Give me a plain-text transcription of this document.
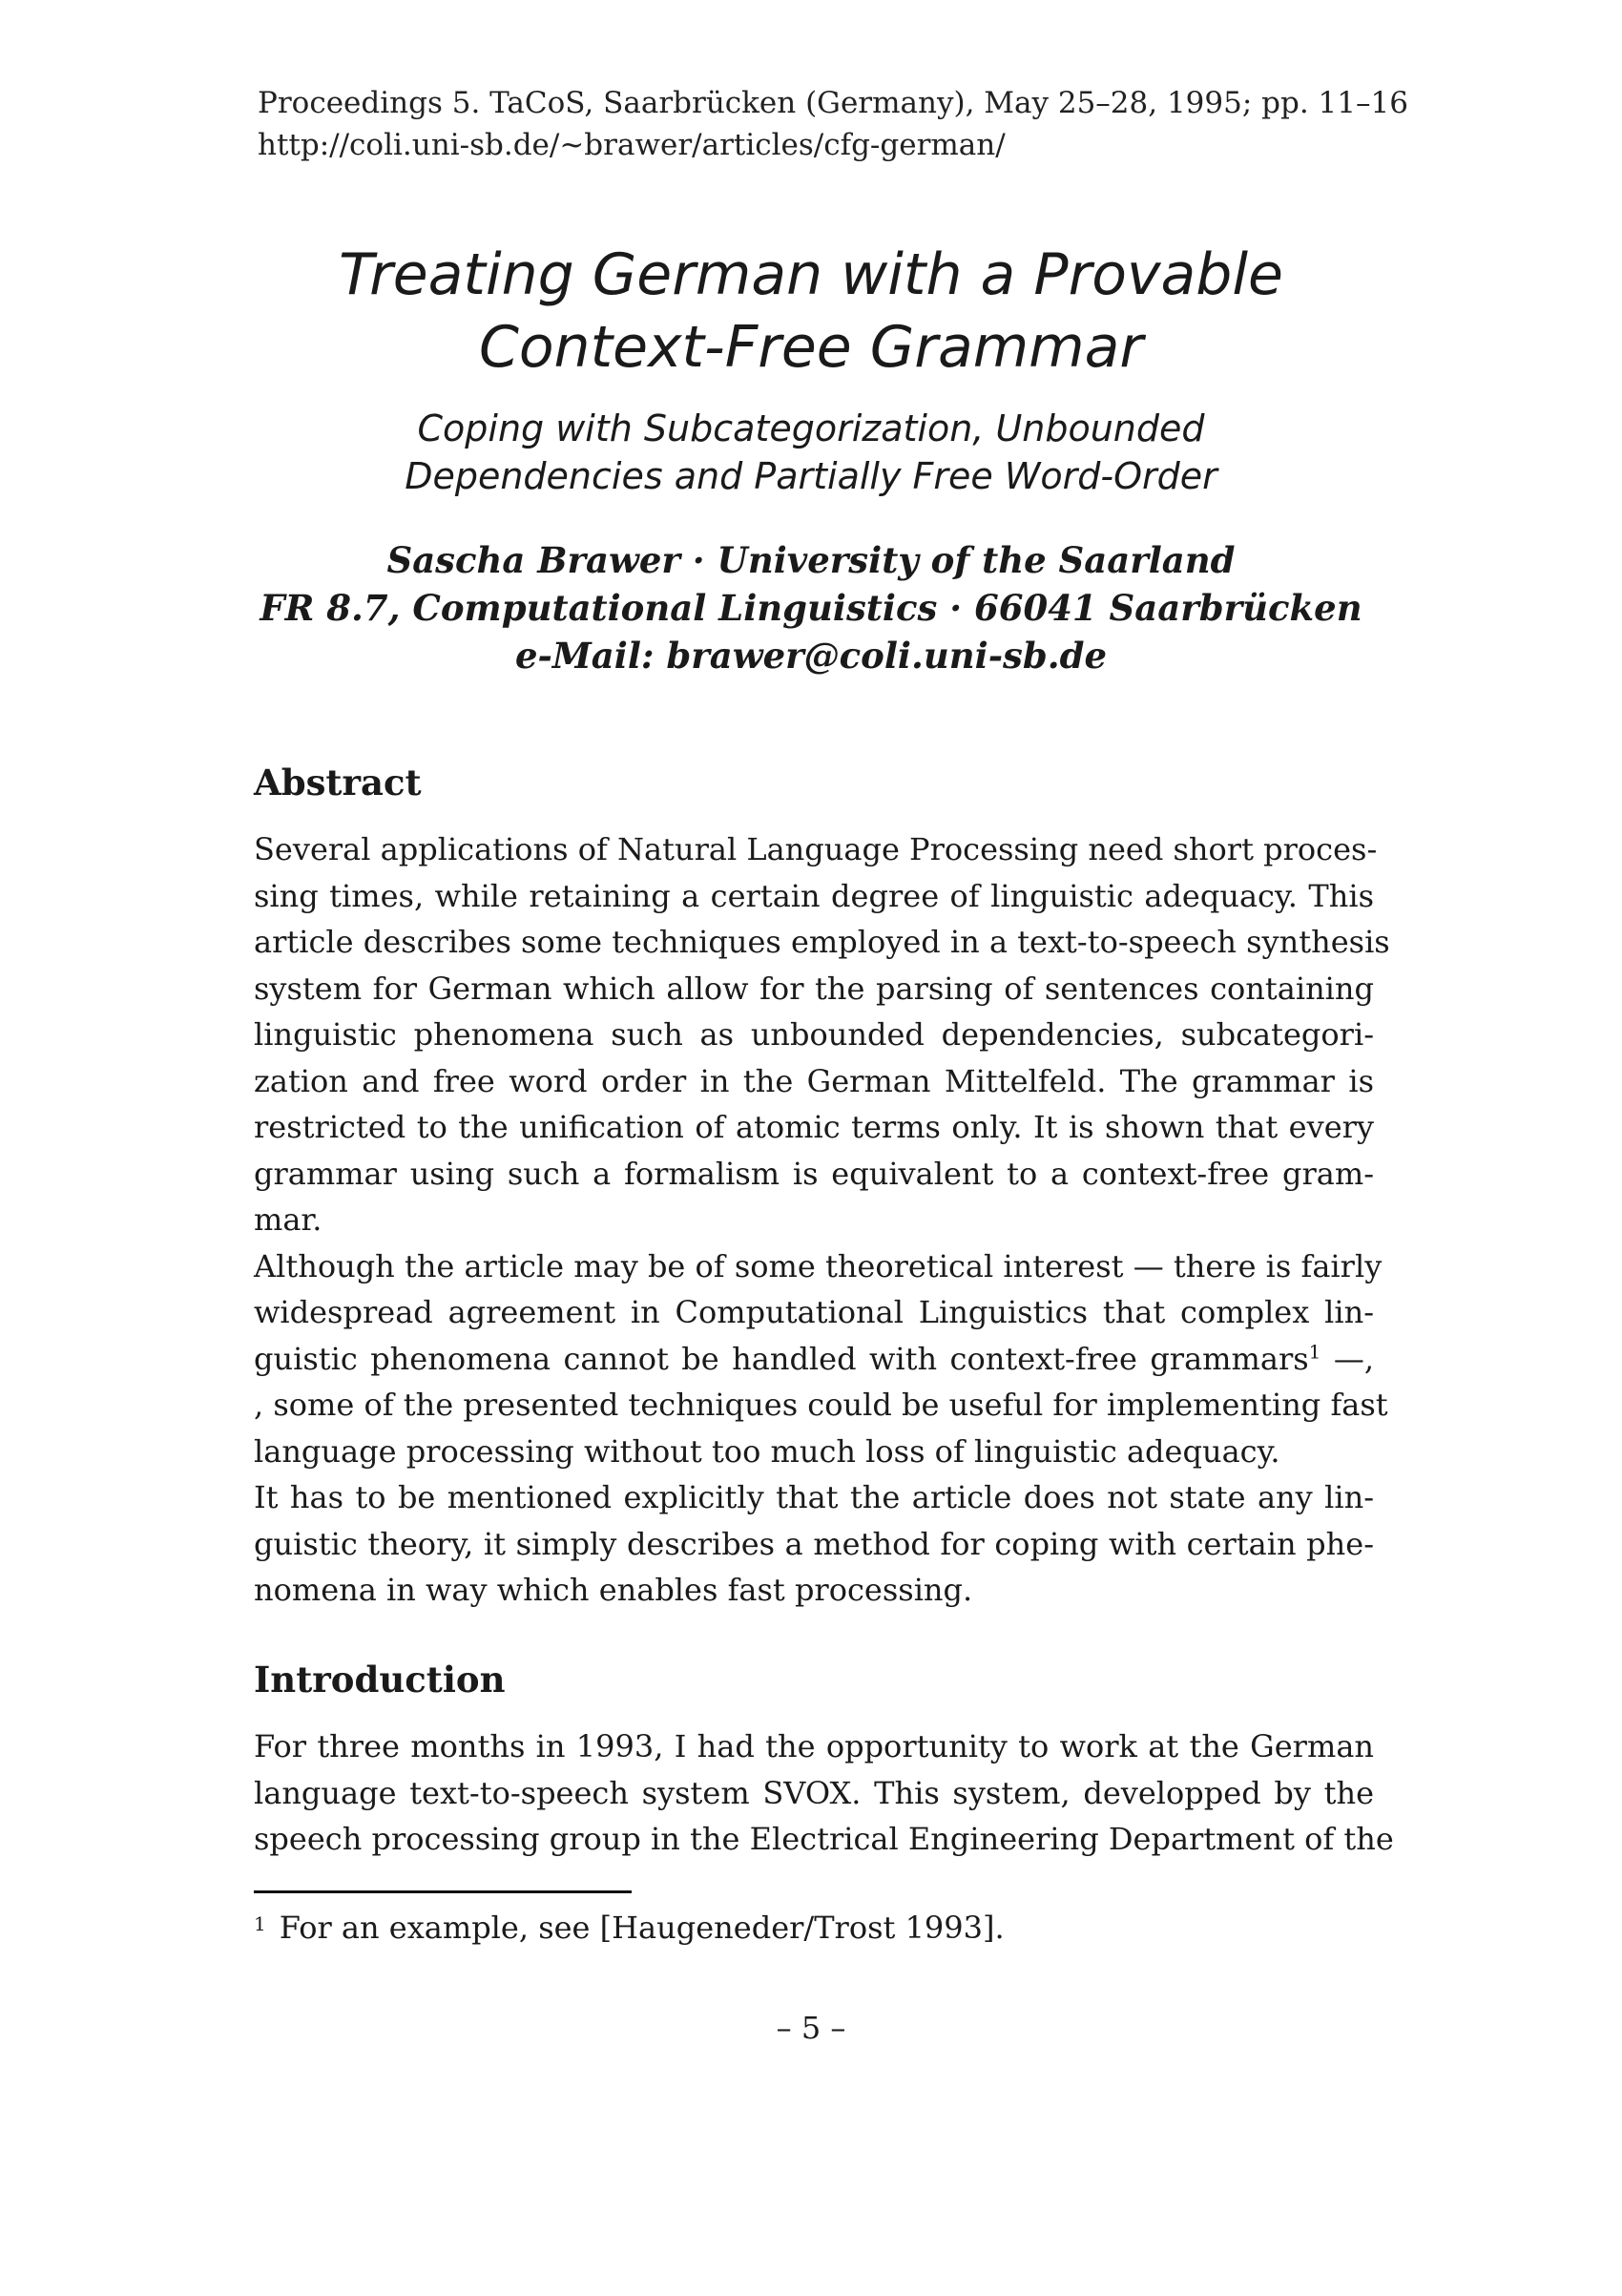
Proceedings 5. TaCoS, Saarbrücken (Germany), May 25–28, 1995; pp. 11–16
http://coli.uni-sb.de/~brawer/articles/cfg-german/
Treating German with a Provable
Context-Free Grammar
Coping with Subcategorization, Unbounded
Dependencies and Partially Free Word-Order
Sascha Brawer · University of the Saarland
FR 8.7, Computational Linguistics · 66041 Saarbrücken
e-Mail: brawer@coli.uni-sb.de
Abstract

Several applications of Natural Language Processing need short proces-
sing times, while retaining a certain degree of linguistic adequacy. This
article describes some techniques employed in a text-to-speech synthesis
system for German which allow for the parsing of sentences containing
linguistic phenomena such as unbounded dependencies, subcategori-
zation and free word order in the German Mittelfeld. The grammar is
restricted to the unification of atomic terms only. It is shown that every
grammar using such a formalism is equivalent to a context-free gram-
mar.

Although the article may be of some theoretical interest — there is fairly
widespread agreement in Computational Linguistics that complex lin-
guistic phenomena cannot be handled with context-free grammars$^1$ —,
, some of the presented techniques could be useful for implementing fast
language processing without too much loss of linguistic adequacy.

It has to be mentioned explicitly that the article does not state any lin-
guistic theory, it simply describes a method for coping with certain phe-
nomena in way which enables fast processing.

Introduction

For three months in 1993, I had the opportunity to work at the German
language text-to-speech system SVOX. This system, developped by the
speech processing group in the Electrical Engineering Department of the

$^1$ For an example, see [Haugeneder/Trost 1993].
– 5 –
